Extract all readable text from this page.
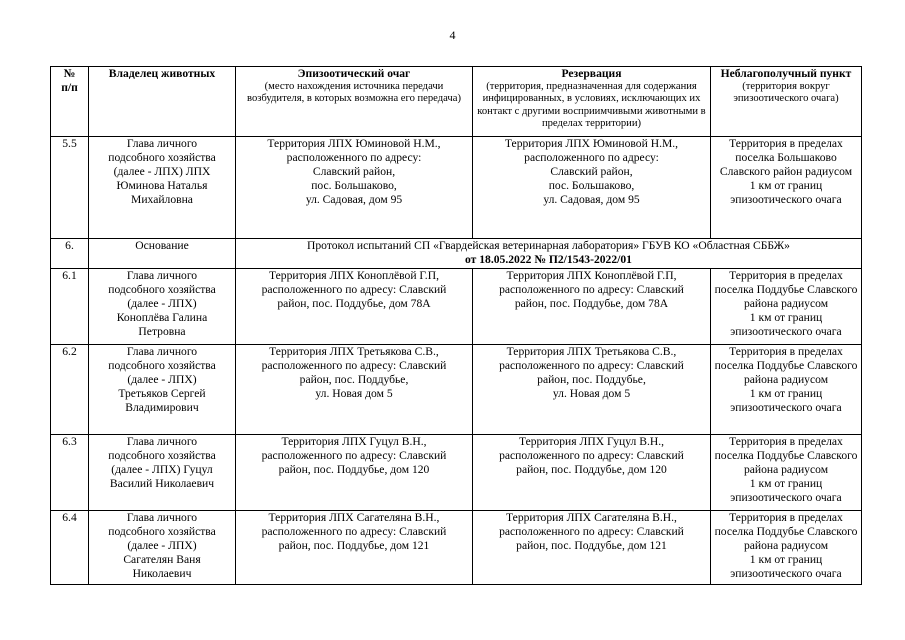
4
№
п/п	Владелец животных	Эпизоотический очаг
(место нахождения источника передачи возбудителя, в которых возможна его передача)	Резервация
(территория, предназначенная для содержания инфицированных, в условиях, исключающих их контакт с другими восприимчивыми животными в пределах территории)	Неблагополучный пункт
(территория вокруг эпизоотического очага)

5.5	Глава личного
подсобного хозяйства
(далее - ЛПХ) ЛПХ
Юминова Наталья
Михайловна	Территория ЛПХ Юминовой Н.М.,
расположенного по адресу:
Славский район,
пос. Большаково,
ул. Садовая, дом 95	Территория ЛПХ Юминовой Н.М.,
расположенного по адресу:
Славский район,
пос. Большаково,
ул. Садовая, дом 95	Территория в пределах
поселка Большаково
Славского район радиусом
1 км от границ
эпизоотического очага

6.	Основание	Протокол испытаний СП «Гвардейская ветеринарная лаборатория» ГБУВ КО «Областная СББЖ»
от 18.05.2022 № П2/1543-2022/01		

6.1	Глава личного
подсобного хозяйства
(далее - ЛПХ)
Коноплёва Галина
Петровна	Территория ЛПХ Коноплёвой Г.П,
расположенного по адресу: Славский
район, пос. Поддубье, дом 78А	Территория ЛПХ Коноплёвой Г.П,
расположенного по адресу: Славский
район, пос. Поддубье, дом 78А	Территория в пределах
поселка Поддубье Славского
района радиусом
1 км от границ
эпизоотического очага

6.2	Глава личного
подсобного хозяйства
(далее - ЛПХ)
Третьяков Сергей
Владимирович	Территория ЛПХ Третьякова С.В.,
расположенного по адресу: Славский
район, пос. Поддубье,
ул. Новая дом 5	Территория ЛПХ Третьякова С.В.,
расположенного по адресу: Славский
район, пос. Поддубье,
ул. Новая дом 5	Территория в пределах
поселка Поддубье Славского
района радиусом
1 км от границ
эпизоотического очага

6.3	Глава личного
подсобного хозяйства
(далее - ЛПХ) Гуцул
Василий Николаевич	Территория ЛПХ Гуцул В.Н.,
расположенного по адресу: Славский
район, пос. Поддубье, дом 120	Территория ЛПХ Гуцул В.Н.,
расположенного по адресу: Славский
район, пос. Поддубье, дом 120	Территория в пределах
поселка Поддубье Славского
района радиусом
1 км от границ
эпизоотического очага

6.4	Глава личного
подсобного хозяйства
(далее - ЛПХ)
Сагателян Ваня
Николаевич	Территория ЛПХ Сагателяна В.Н.,
расположенного по адресу: Славский
район, пос. Поддубье, дом 121	Территория ЛПХ Сагателяна В.Н.,
расположенного по адресу: Славский
район, пос. Поддубье, дом 121	Территория в пределах
поселка Поддубье Славского
района радиусом
1 км от границ
эпизоотического очага
